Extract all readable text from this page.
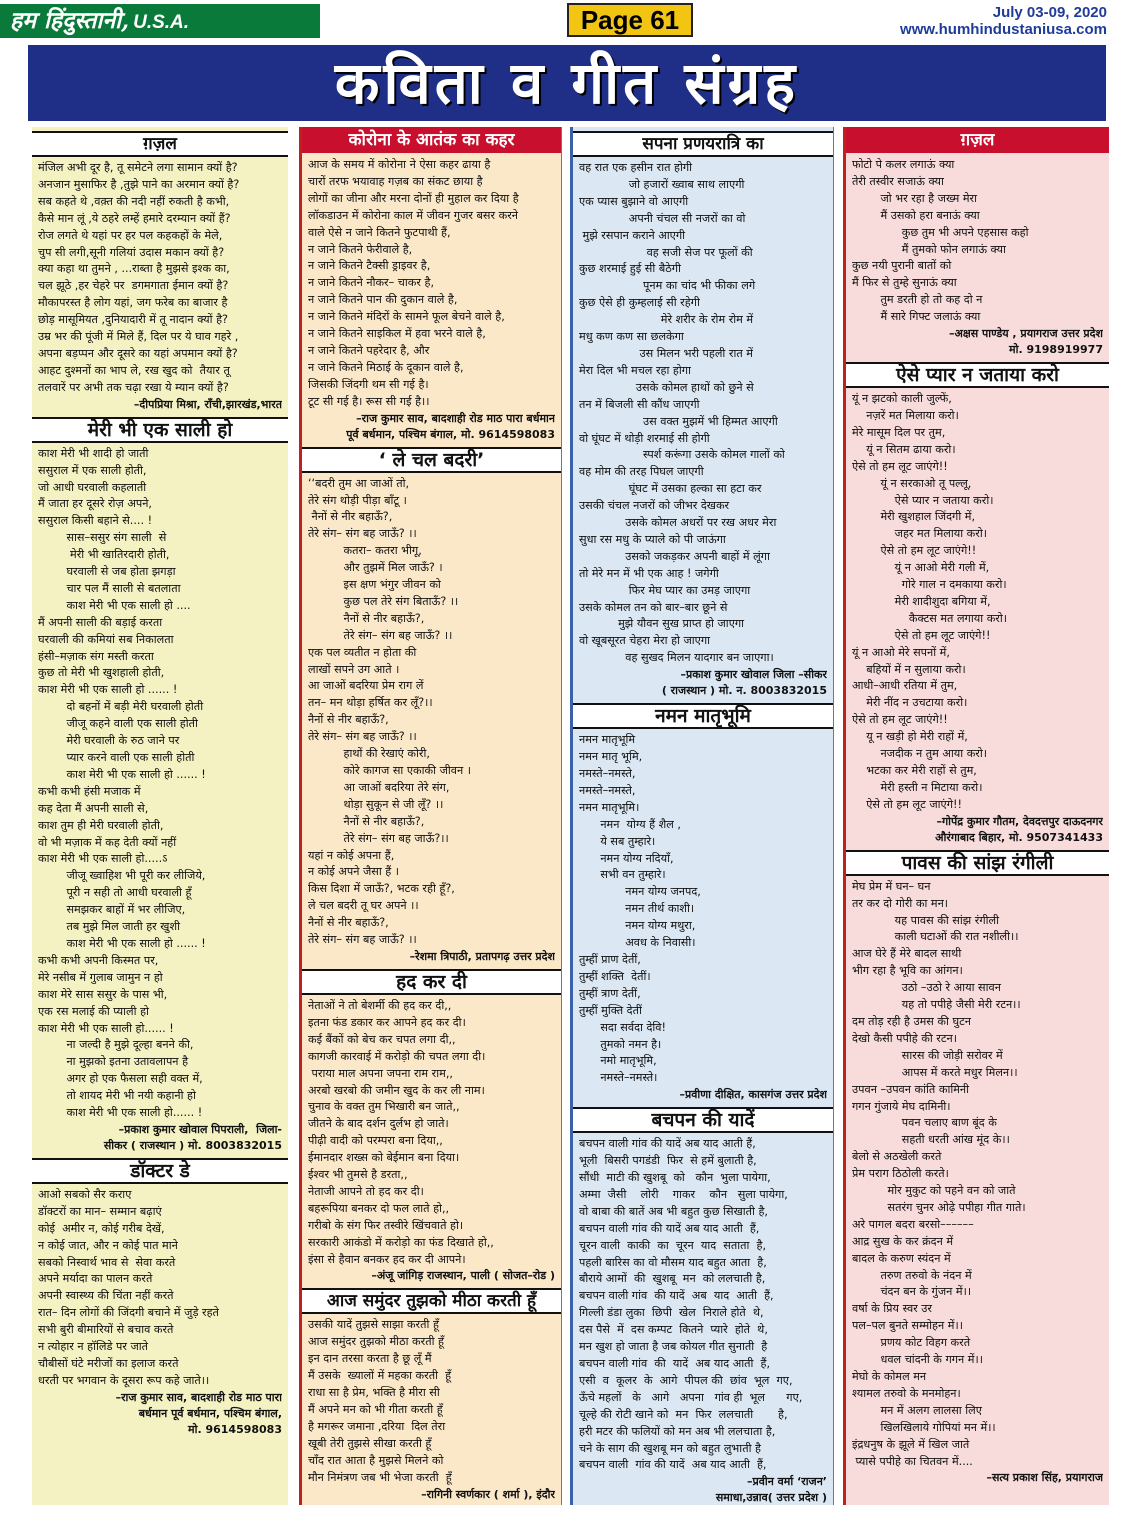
हम हिंदुस्तानी, U.S.A.	Page 61	July 03-09, 2020
www.humhindustaniusa.com
कविता व गीत संग्रह
ग़ज़ल
मंजिल अभी दूर है, तू समेटने लगा सामान क्यों है?
अनजान मुसाफिर है ,तुझे पाने का अरमान क्यों है?
सब कहते थे ,वक़्त की नदी नहीं रुकती है कभी,
कैसे मान लूं ,ये ठहरे लम्हें हमारे दरम्यान क्यों हैं?
रोज लगते थे यहां पर हर पल कहकहों के मेले,
चुप सी लगी,सूनी गलियां उदास मकान क्यों है?
क्या कहा था तुमने , ...राब्ता है मुझसे इश्क का,
चल झूठे ,हर चेहरे पर  डगमगाता ईमान क्यों है?
मौकापरस्त है लोग यहां, जग फरेब का बाजार है
छोड़ मासूमियत ,दुनियादारी में तू नादान क्यों है?
उम्र भर की पूंजी में मिले हैं, दिल पर ये घाव गहरे ,
अपना बड़प्पन और दूसरे का यहां अपमान क्यों है?
आहट दुश्मनों का भाप ले, रख खुद को  तैयार तू
तलवारें पर अभी तक चढ़ा रखा ये म्यान क्यों है?
–दीपप्रिया मिश्रा, राँची,झारखंड,भारत
मेरी भी एक साली हो
काश मेरी भी शादी हो जाती
ससुराल में एक साली होती,
जो आधी घरवाली कहलाती
मैं जाता हर दूसरे रोज़ अपने,
ससुराल किसी बहाने से.... !
सास–ससुर संग साली  से
मेरी भी खातिरदारी होती,
घरवाली से जब होता झगड़ा
चार पल मैं साली से बतलाता
काश मेरी भी एक साली हो ....
मैं अपनी साली की बड़ाई करता
घरवाली की कमियां सब निकालता
हंसी–मज़ाक संग मस्ती करता
कुछ तो मेरी भी खुशहाली होती,
काश मेरी भी एक साली हो ...... !
दो बहनों में बड़ी मेरी घरवाली होती
जीजू कहने वाली एक साली होती
मेरी घरवाली के रुठ जाने पर
प्यार करने वाली एक साली होती
काश मेरी भी एक साली हो ...... !
कभी कभी हंसी मजाक में
कह देता मैं अपनी साली से,
काश तुम ही मेरी घरवाली होती,
वो भी मज़ाक में कह देती क्यों नहीं
काश मेरी भी एक साली हो.....ऽ
जीजू ख्वाहिश भी पूरी कर लीजिये,
पूरी न सही तो आधी घरवाली हूँ
समझकर बाहों में भर लीजिए,
तब मुझे मिल जाती हर खुशी
काश मेरी भी एक साली हो ...... !
कभी कभी अपनी किस्मत पर,
मेरे नसीब में गुलाब जामुन न हो
काश मेरे सास ससुर के पास भी,
एक रस मलाई की प्याली हो
काश मेरी भी एक साली हो...... !
ना जल्दी है मुझे दूल्हा बनने की,
ना मुझको इतना उतावलापन है
अगर हो एक फैसला सही वक्त में,
तो शायद मेरी भी नयी कहानी हो
काश मेरी भी एक साली हो...... !
–प्रकाश कुमार खोवाल पिपराली,  जिला-
सीकर ( राजस्थान ) मो. 8003832015
डॉक्टर डे
आओ सबको सैर कराए
डॉक्टरों का मान– सम्मान बढ़ाएं
कोई  अमीर न, कोई गरीब देखें,
न कोई जात, और न कोई पात माने
सबको निस्वार्थ भाव से  सेवा करते
अपने मर्यादा का पालन करते
अपनी स्वास्थ्य की चिंता नहीं करते
रात– दिन लोगों की जिंदगी बचाने में जुड़े रहते
सभी बुरी बीमारियों से बचाव करते
न त्योहार न हॉलिडे पर जाते
चौबीसों घंटे मरीजों का इलाज करते
धरती पर भगवान के दूसरा रूप कहे जाते।।
–राज कुमार साव, बादशाही रोड माठ पारा
बर्धमान पूर्व बर्धमान, पश्चिम बंगाल,
मो. 9614598083
कोरोना के आतंक का कहर
आज के समय में कोरोना ने ऐसा कहर ढाया है
चारों तरफ भयावाह गज़ब का संकट छाया है
लोगों का जीना और मरना दोनों ही मुहाल कर दिया है
लॉकडाउन में कोरोना काल में जीवन गुजर बसर करने
वाले ऐसे न जाने कितने फुटपाथी हैं,
न जाने कितने फेरीवाले है,
न जाने कितने टैक्सी ड्राइवर है,
न जाने कितने नौकर– चाकर है,
न जाने कितने पान की दुकान वाले है,
न जाने कितने मंदिरों के सामने फूल बेचने वाले है,
न जाने कितने साइकिल में हवा भरने वाले है,
न जाने कितने पहरेदार है, और
न जाने कितने मिठाई के दूकान वाले है,
जिसकी जिंदगी थम सी गई है।
टूट सी गई है। रूस सी गई है।।
–राज कुमार साव, बादशाही रोड माठ पारा बर्धमान
पूर्व बर्धमान, पश्चिम बंगाल, मो. 9614598083
‘ ले चल बदरी’
‘‘बदरी तुम आ जाओं तो,
तेरे संग थोड़ी पीड़ा बाँटू ।
नैनों से नीर बहाऊँ?,
तेरे संग– संग बह जाऊँ? ।।
कतरा– कतरा भीगू,
और तुझमें मिल जाऊँ? ।
इस क्षण भंगुर जीवन को
कुछ पल तेरे संग बिताऊँ? ।।
नैनों से नीर बहाऊँ?,
तेरे संग– संग बह जाऊँ? ।।
एक पल व्यतीत न होता की
लाखों सपने उग आते ।
आ जाओं बदरिया प्रेम राग लें
तन– मन थोड़ा हर्षित कर लूँ?।।
नैनों से नीर बहाऊँ?,
तेरे संग– संग बह जाऊँ? ।।
हाथों की रेखाएं कोरी,
कोरे कागज सा एकाकी जीवन ।
आ जाओं बदरिया तेरे संग,
थोड़ा सुकून से जी लूँ? ।।
नैनों से नीर बहाऊँ?,
तेरे संग– संग बह जाऊँ?।।
यहां न कोई अपना हैं,
न कोई अपने जैसा हैं ।
किस दिशा में जाऊँ?, भटक रही हूँ?,
ले चल बदरी तू घर अपने ।।
नैनों से नीर बहाऊँ?,
तेरे संग– संग बह जाऊँ? ।।
–रेशमा त्रिपाठी, प्रतापगढ़ उत्तर प्रदेश
हद कर दी
नेताओं ने तो बेशर्मी की हद कर दी,,
इतना फंड डकार कर आपने हद कर दी।
कई बैंकों को बेच कर चपत लगा दी,,
कागजी कारवाई में करोड़ो की चपत लगा दी।
पराया माल अपना जपना राम राम,,
अरबो खरबो की जमीन खुद के कर ली नाम।
चुनाव के वक्त तुम भिखारी बन जाते,,
जीतने के बाद दर्शन दुर्लभ हो जाते।
पीढ़ी वादी को परम्परा बना दिया,,
ईमानदार शख्स को बेईमान बना दिया।
ईश्वर भी तुमसे है डरता,,
नेताजी आपने तो हद कर दी।
बहरूपिया बनकर दो फल लाते हो,,
गरीबो के संग फिर तस्वीरे खिंचवाते हो।
सरकारी आकंडो में करोड़ो का फंड दिखाते हो,,
इंसा से हैवान बनकर हद कर दी आपने।
–अंजू जांगिड़ राजस्थान, पाली ( सोजत–रोड )
आज समुंदर तुझको मीठा करती हूँ
उसकी यादें तुझसे साझा करती हूँ
आज समुंदर तुझको मीठा करती हूँ
इन दान तरसा करता है छू लूँ मैं
मैं उसके  ख्यालों में महका करती  हूँ
राधा सा है प्रेम, भक्ति है मीरा सी
मैं अपने मन को भी गीता करती हूँ
है मगरूर जमाना ,दरिया  दिल तेरा
खूबी तेरी तुझसे सीखा करती हूँ
चाँद रात आता है मुझसे मिलने को
मौन निमंत्रण जब भी भेजा करती  हूँ
–रागिनी स्वर्णकार ( शर्मा ), इंदौर
सपना प्रणयरात्रि का
वह रात एक हसीन रात होगी
जो हजारों ख्वाब साथ लाएगी
एक प्यास बुझाने वो आएगी
अपनी चंचल सी नजरों का वो
मुझे रसपान कराने आएगी
वह सजी सेज पर फूलों की
कुछ शरमाई हुई सी बैठेगी
पूनम का चांद भी फीका लगे
कुछ ऐसे ही कुम्हलाई सी रहेगी
मेरे शरीर के रोम रोम में
मधु कण कण सा छलकेगा
उस मिलन भरी पहली रात में
मेरा दिल भी मचल रहा होगा
उसके कोमल हाथों को छुने से
तन में बिजली सी कौंध जाएगी
उस वक्त मुझमें भी हिम्मत आएगी
वो घूंघट में थोड़ी शरमाई सी होगी
स्पर्श करूंगा उसके कोमल गालों को
वह मोम की तरह पिघल जाएगी
घूंघट में उसका हल्का सा हटा कर
उसकी चंचल नजरों को जीभर देखकर
उसके कोमल अधरों पर रख अधर मेरा
सुधा रस मधु के प्याले को पी जाऊंगा
उसको जकड़कर अपनी बाहों में लूंगा
तो मेरे मन में भी एक आह ! जगेगी
फिर मेघ प्यार का उमड़ जाएगा
उसके कोमल तन को बार–बार छूने से
मुझे यौवन सुख प्राप्त हो जाएगा
वो खूबसूरत चेहरा मेरा हो जाएगा
वह सुखद मिलन यादगार बन जाएगा।
–प्रकाश कुमार खोवाल जिला –सीकर
( राजस्थान ) मो. न. 8003832015
नमन मातृभूमि
नमन मातृभूमि
नमन मातृ भूमि,
नमस्ते–नमस्ते,
नमस्ते–नमस्ते,
नमन मातृभूमि।
नमन  योग्य हैं शैल ,
ये सब तुम्हारे।
नमन योग्य नदियाँ,
सभी वन तुम्हारे।
नमन योग्य जनपद,
नमन तीर्थ काशी।
नमन योग्य मथुरा,
अवध के निवासी।
तुम्हीं प्राण देतीं,
तुम्हीं शक्ति  देतीं।
तुम्हीं त्राण देतीं,
तुम्हीं मुक्ति देतीं
सदा सर्वदा देवि!
तुमको नमन है।
नमो मातृभूमि,
नमस्ते–नमस्ते।
–प्रवीणा दीक्षित, कासगंज उत्तर प्रदेश
बचपन की यादें
बचपन वाली गांव की यादें अब याद आती हैं,
भूली  बिसरी पगडंडी  फिर  से हमें बुलाती है,
सौंधी  माटी की खुशबू  को   कौन  भुला पायेगा,
अम्मा  जैसी    लोरी    गाकर    कौन   सुला पायेगा,
वो बाबा की बातें अब भी बहुत कुछ सिखाती है,
बचपन वाली गांव की यादें अब याद आती  हैं,
चूरन वाली  काकी  का  चूरन  याद  सताता  है,
पहली बारिस का वो मौसम याद बहुत आता  है,
बौराये आमों  की  खुशबू  मन  को ललचाती है,
बचपन वाली गांव  की यादें  अब  याद  आती  हैं,
गिल्ली डंडा लुका  छिपी  खेल  निराले होते  थे,
दस पैसे  में  दस कम्पट  कितने  प्यारे  होते  थे,
मन खुश हो जाता है जब कोयल गीत सुनाती  है
बचपन वाली गांव  की  यादें  अब याद आती  हैं,
एसी  व  कूलर  के  आगे  पीपल की  छांव  भूल  गए,
ऊँचे महलों   के   आगे   अपना   गांव ही  भूल      गए,
चूल्हे की रोटी खाने को  मन  फिर  ललचाती       है,
हरी मटर की फलियों को मन अब भी ललचाता है,
चने के साग की खुशबू मन को बहुत लुभाती है
बचपन वाली  गांव की यादें  अब याद आती  हैं,
–प्रवीन वर्मा ‘राजन’
समाधा,उन्नाव( उत्तर प्रदेश )
ग़ज़ल
फोटो पे कलर लगाऊं क्या
तेरी तस्वीर सजाऊं क्या
जो भर रहा है जख्म मेरा
मैं उसको हरा बनाऊं क्या
कुछ तुम भी अपने एहसास कहो
मैं तुमको फोन लगाऊं क्या
कुछ नयी पुरानी बातों को
मैं फिर से तुम्हे सुनाऊं क्या
तुम डरती हो तो कह दो न
मैं सारे गिफ्ट जलाऊं क्या
–अक्षस पाण्डेय , प्रयागराज उत्तर प्रदेश
मो. 9198919977
ऐसे प्यार न जताया करो
यूं न झटको काली जुल्फें,
नज़रें मत मिलाया करो।
मेरे मासूम दिल पर तुम,
यूं न सितम ढाया करो।
ऐसे तो हम लूट जाएंगे!!
यूं न सरकाओ तू पल्लू,
ऐसे प्यार न जताया करो।
मेरी खुशहाल जिंदगी में,
जहर मत मिलाया करो।
ऐसे तो हम लूट जाएंगे!!
यूं न आओ मेरी गली में,
गोरे गाल न दमकाया करो।
मेरी शादीशुदा बगिया में,
कैक्टस मत लगाया करो।
ऐसे तो हम लूट जाएंगे!!
यूं न आओ मेरे सपनों में,
बहियों में न सुलाया करो।
आधी–आधी रतिया में तुम,
मेरी नींद न उचटाया करो।
ऐसे तो हम लूट जाएंगे!!
यू न खड़ी हो मेरी राहों में,
नजदीक न तुम आया करो।
भटका कर मेरी राहों से तुम,
मेरी हस्ती न मिटाया करो।
ऐसे तो हम लूट जाएंगे!!
–गोपेंद्र कुमार गौतम, देवदत्तपुर दाऊदनगर
औरंगाबाद बिहार, मो. 9507341433
पावस की सांझ रंगीली
मेघ प्रेम में घन– घन
तर कर दो गोरी का मन।
यह पावस की सांझ रंगीली
काली घटाओं की रात नशीली।।
आज घेरे हैं मेरे बादल साथी
भीग रहा है भूवि का आंगन।
उठो –उठो रे आया सावन
यह तो पपीहे जैसी मेरी रटन।।
दम तोड़ रही है उमस की घुटन
देखो कैसी पपीहे की रटन।
सारस की जोड़ी सरोवर में
आपस में करते मधुर मिलन।।
उपवन –उपवन कांति कामिनी
गगन गुंजाये मेघ दामिनी।
पवन चलाए बाण बूंद के
सहती धरती आंख मूंद के।।
बेलो से अठखेली करते
प्रेम पराग ठिठोली करते।
मोर मुकुट को पहने वन को जाते
सतरंग चुनर ओढ़े पपीहा गीत गाते।
अरे पागल बदरा बरसो––––––
आद्र सुख के कर क्रंदन में
बादल के करुण स्यंदन में
तरुण तरुवो के नंदन में
चंदन बन के गुंजन में।।
वर्षा के प्रिय स्वर उर
पल–पल बुनते सम्मोहन में।।
प्रणय कोट विहग करते
धवल चांदनी के गगन में।।
मेघो के कोमल मन
श्यामल तरुवो के मनमोहन।
मन में अलग लालसा लिए
खिलखिलाये गोपियां मन में।।
इंद्रधनुष के झूले में खिल जाते
प्यासे पपीहे का चितवन में....
–सत्य प्रकाश सिंह, प्रयागराज
